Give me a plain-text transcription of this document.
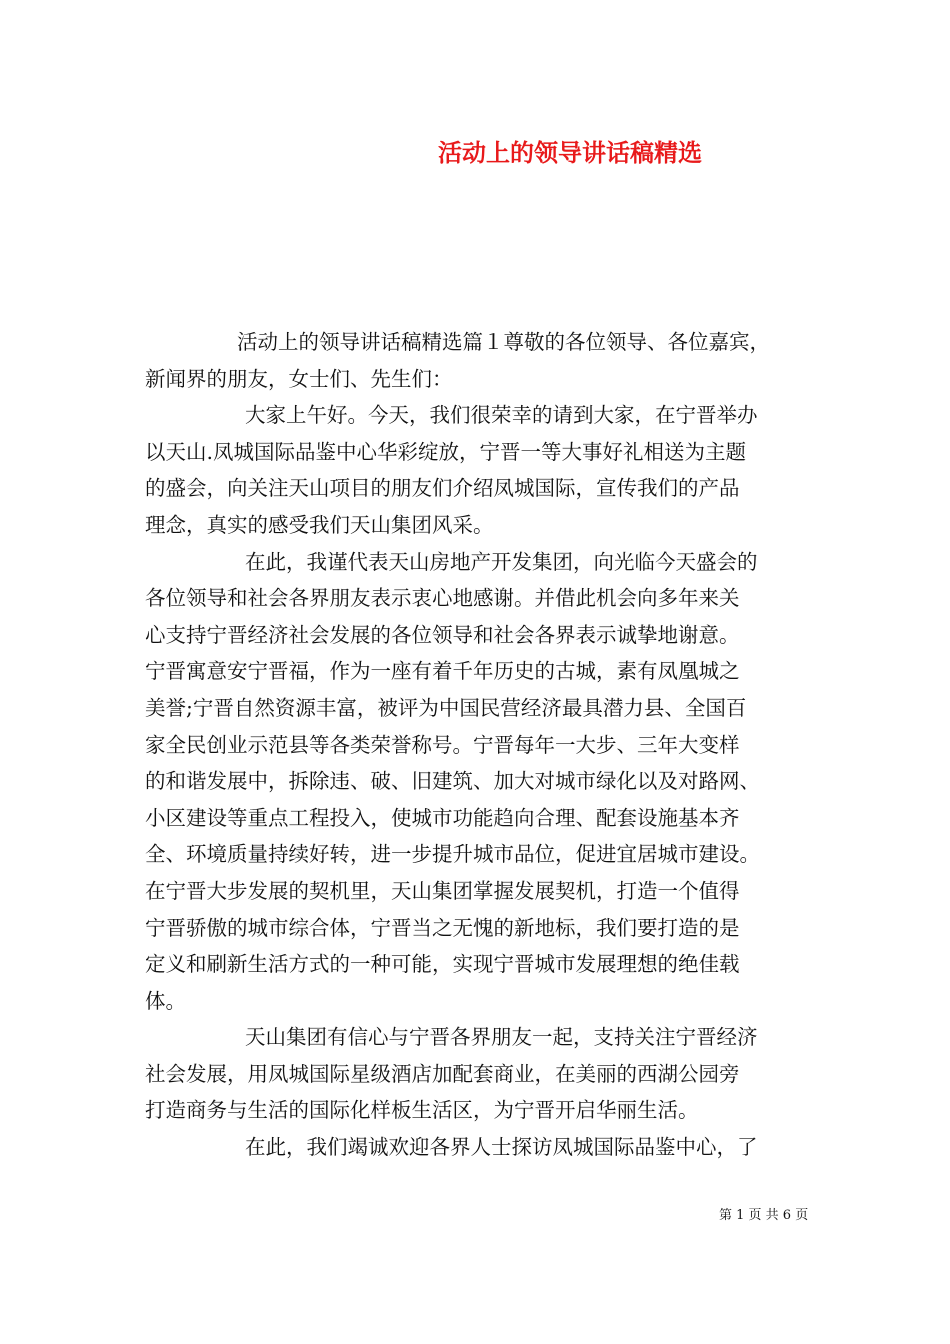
活动上的领导讲话稿精选
活动上的领导讲话稿精选篇１尊敬的各位领导、各位嘉宾，
新闻界的朋友，女士们、先生们：
大家上午好。今天，我们很荣幸的请到大家，在宁晋举办
以天山.凤城国际品鉴中心华彩绽放，宁晋一等大事好礼相送为主题
的盛会，向关注天山项目的朋友们介绍凤城国际，宣传我们的产品
理念，真实的感受我们天山集团风采。
在此，我谨代表天山房地产开发集团，向光临今天盛会的
各位领导和社会各界朋友表示衷心地感谢。并借此机会向多年来关
心支持宁晋经济社会发展的各位领导和社会各界表示诚挚地谢意。
宁晋寓意安宁晋福，作为一座有着千年历史的古城，素有凤凰城之
美誉;宁晋自然资源丰富，被评为中国民营经济最具潜力县、全国百
家全民创业示范县等各类荣誉称号。宁晋每年一大步、三年大变样
的和谐发展中，拆除违、破、旧建筑、加大对城市绿化以及对路网、
小区建设等重点工程投入，使城市功能趋向合理、配套设施基本齐
全、环境质量持续好转，进一步提升城市品位，促进宜居城市建设。
在宁晋大步发展的契机里，天山集团掌握发展契机，打造一个值得
宁晋骄傲的城市综合体，宁晋当之无愧的新地标，我们要打造的是
定义和刷新生活方式的一种可能，实现宁晋城市发展理想的绝佳载
体。
天山集团有信心与宁晋各界朋友一起，支持关注宁晋经济
社会发展，用凤城国际星级酒店加配套商业，在美丽的西湖公园旁
打造商务与生活的国际化样板生活区，为宁晋开启华丽生活。
在此，我们竭诚欢迎各界人士探访凤城国际品鉴中心，了
第 1 页 共 6 页
